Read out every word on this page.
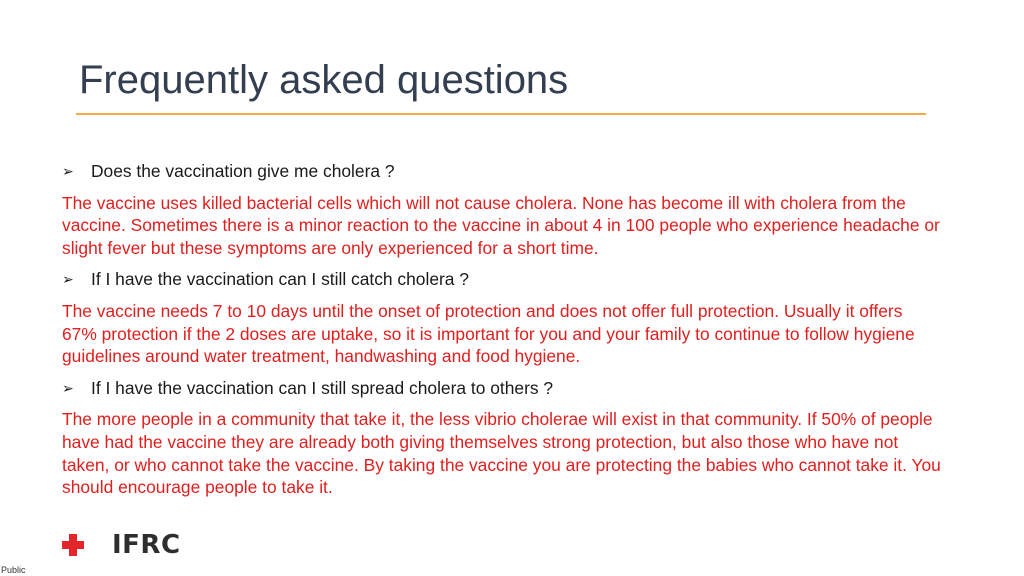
Frequently asked questions
➢ Does the vaccination give me cholera ?
The vaccine uses killed bacterial cells which will not cause cholera. None has become ill with cholera from the vaccine. Sometimes there is a minor reaction to the vaccine in about 4 in 100 people who experience headache or slight fever but these symptoms are only experienced for a short time.
➢ If I have the vaccination can I still catch cholera ?
The vaccine needs 7 to 10 days until the onset of protection and does not offer full protection. Usually it offers 67% protection if the 2 doses are uptake, so it is important for you and your family to continue to follow hygiene guidelines around water treatment, handwashing and food hygiene.
➢ If I have the vaccination can I still spread cholera to others ?
The more people in a community that take it, the less vibrio cholerae will exist in that community. If 50% of people have had the vaccine they are already both giving themselves strong protection, but also those who have not taken, or who cannot take the vaccine. By taking the vaccine you are protecting the babies who cannot take it. You should encourage people to take it.
IFRC
Public
